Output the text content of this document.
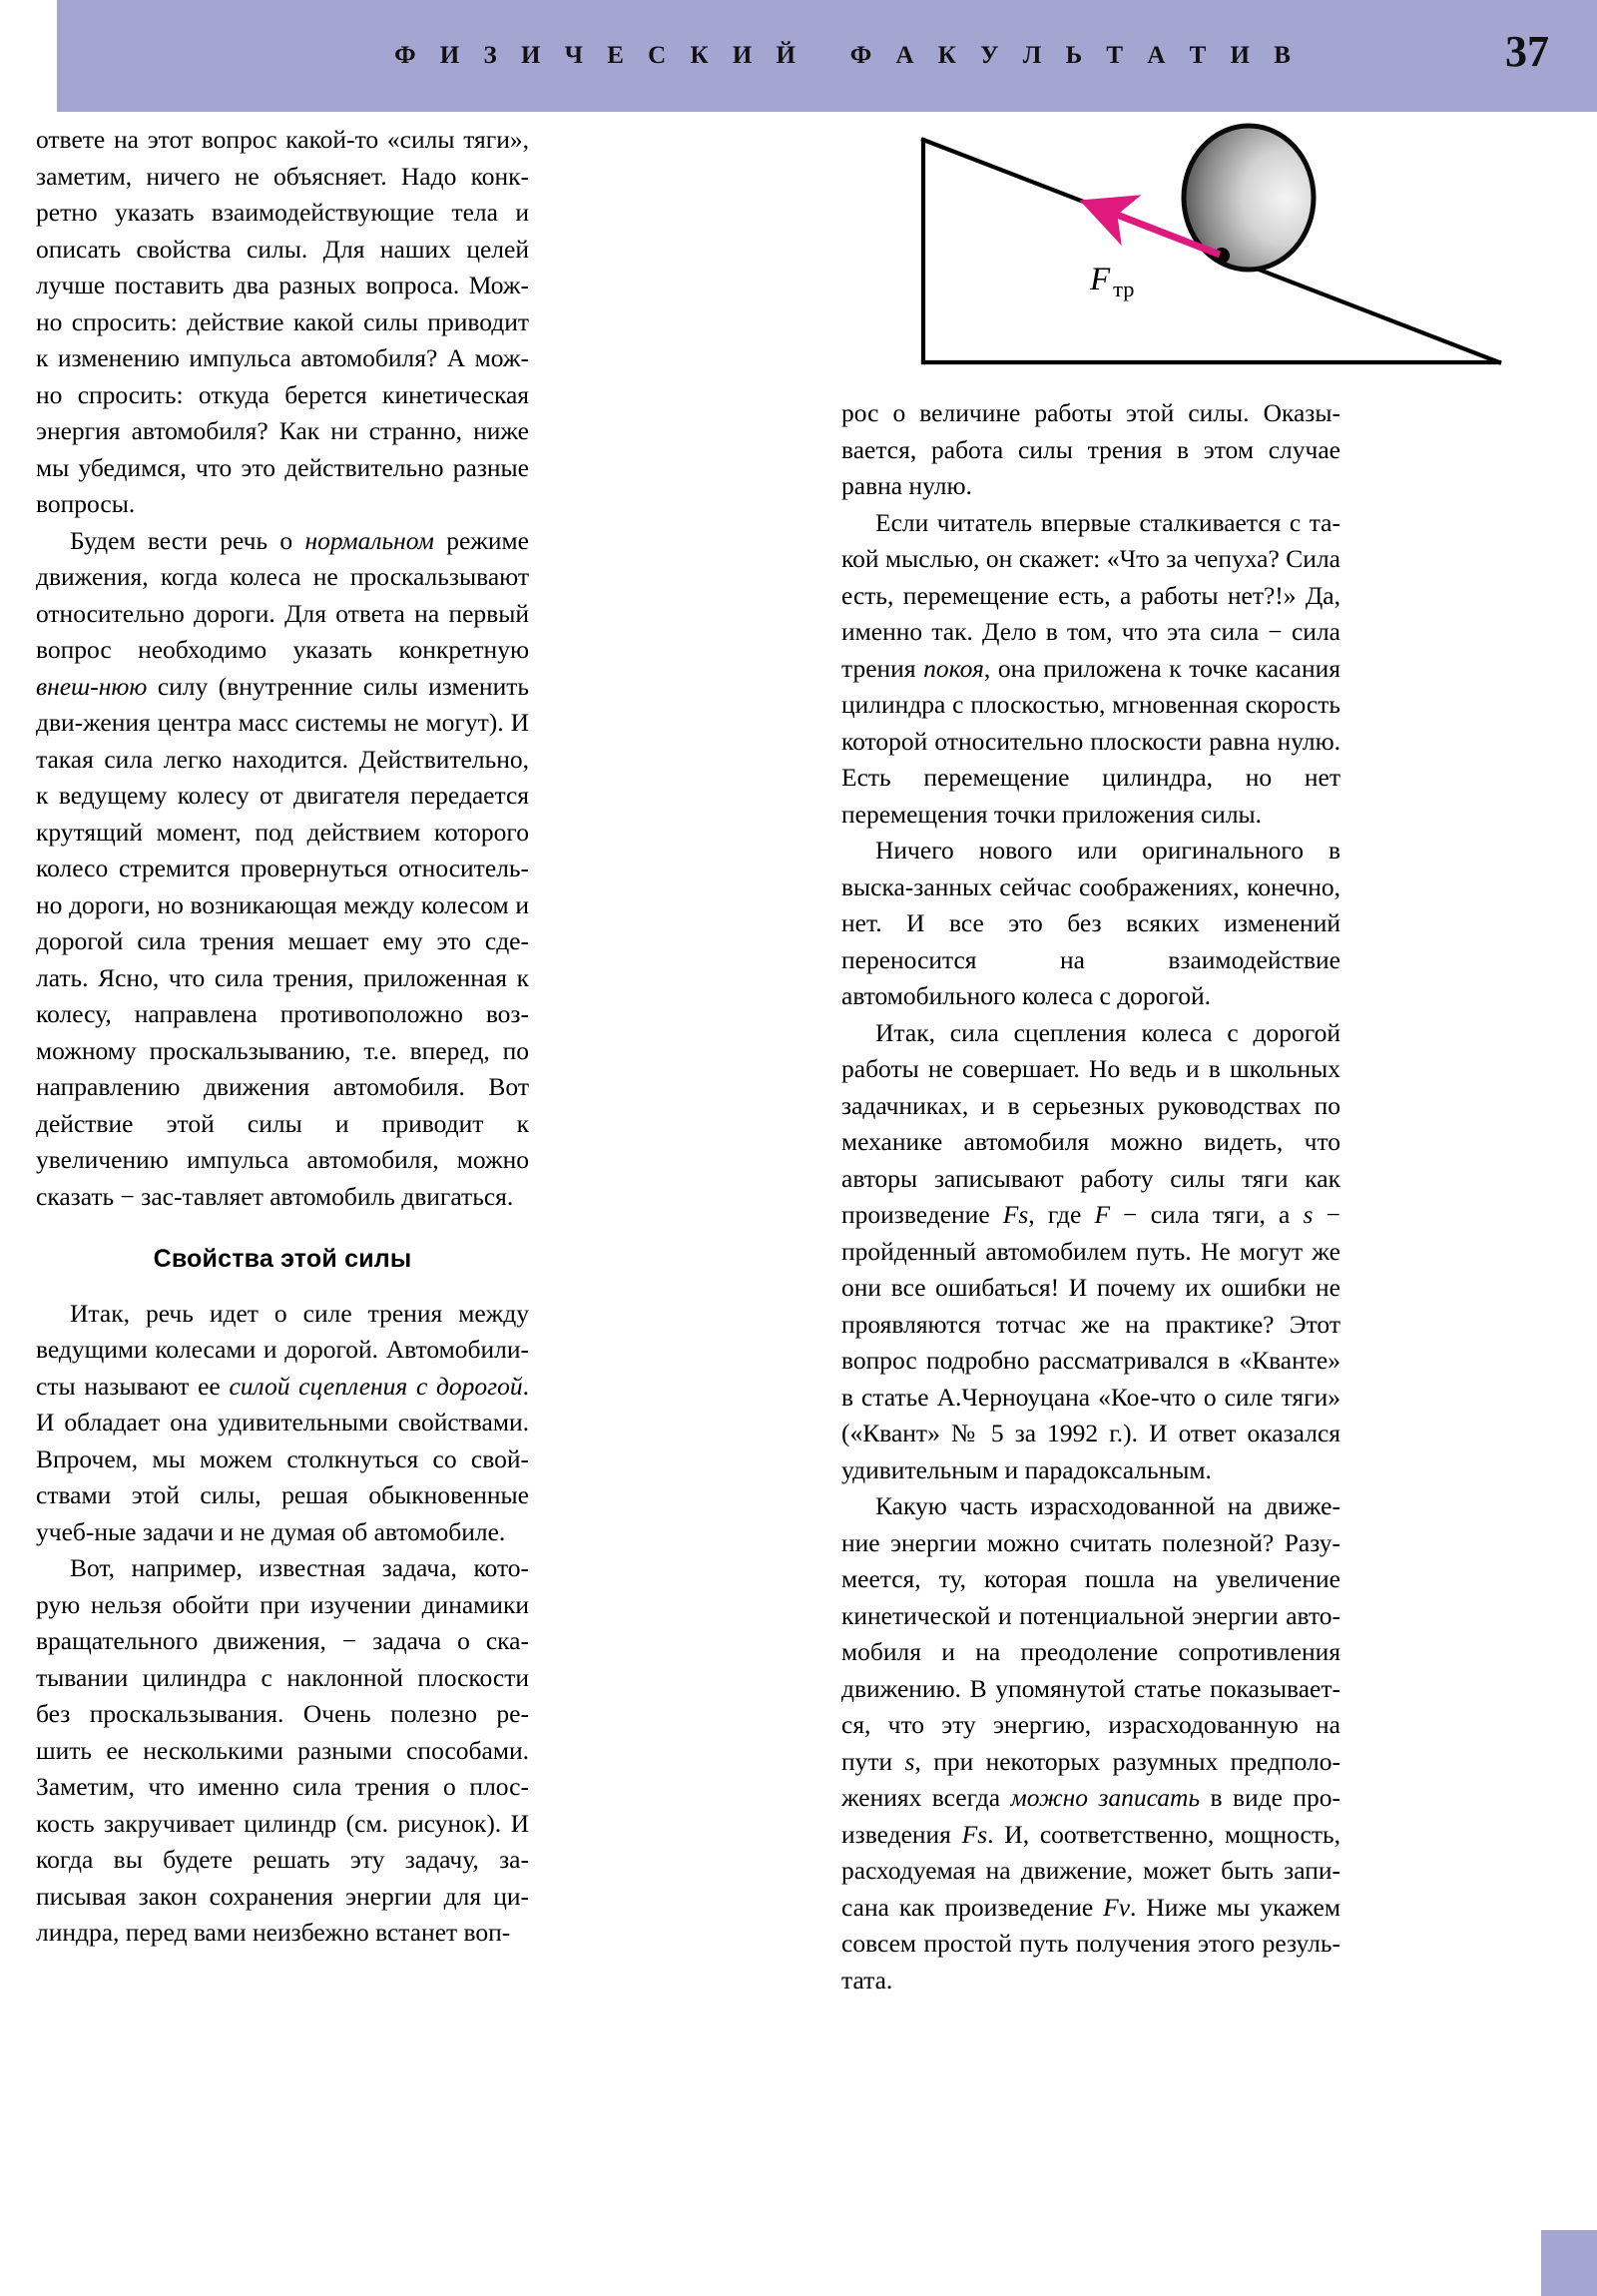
Ф И З И Ч Е С К И Й   Ф А К У Л Ь Т А Т И В	37
F тр

ответе на этот вопрос какой-то «силы тяги», заметим, ничего не объясняет. Надо конк-ретно указать взаимодействующие тела и описать свойства силы. Для наших целей лучше поставить два разных вопроса. Мож-но спросить: действие какой силы приводит к изменению импульса автомобиля? А мож-но спросить: откуда берется кинетическая энергия автомобиля? Как ни странно, ниже мы убедимся, что это действительно разные вопросы.

Будем вести речь о нормальном режиме движения, когда колеса не проскальзывают относительно дороги. Для ответа на первый вопрос необходимо указать конкретную внеш-нюю силу (внутренние силы изменить дви-жения центра масс системы не могут). И такая сила легко находится. Действительно, к ведущему колесу от двигателя передается крутящий момент, под действием которого колесо стремится провернуться относитель-но дороги, но возникающая между колесом и дорогой сила трения мешает ему это сде-лать. Ясно, что сила трения, приложенная к колесу, направлена противоположно воз-можному проскальзыванию, т.е. вперед, по направлению движения автомобиля. Вот действие этой силы и приводит к увеличению импульса автомобиля, можно сказать − зас-тавляет автомобиль двигаться.

Свойства этой силы

Итак, речь идет о силе трения между ведущими колесами и дорогой. Автомобили-сты называют ее силой сцепления с дорогой. И обладает она удивительными свойствами. Впрочем, мы можем столкнуться со свой-ствами этой силы, решая обыкновенные учеб-ные задачи и не думая об автомобиле.

Вот, например, известная задача, кото-рую нельзя обойти при изучении динамики вращательного движения, − задача о ска-тывании цилиндра с наклонной плоскости без проскальзывания. Очень полезно ре-шить ее несколькими разными способами. Заметим, что именно сила трения о плос-кость закручивает цилиндр (см. рисунок). И когда вы будете решать эту задачу, за-писывая закон сохранения энергии для ци-линдра, перед вами неизбежно встанет воп-

рос о величине работы этой силы. Оказы-вается, работа силы трения в этом случае равна нулю.

Если читатель впервые сталкивается с та-кой мыслью, он скажет: «Что за чепуха? Сила есть, перемещение есть, а работы нет?!» Да, именно так. Дело в том, что эта сила − сила трения покоя, она приложена к точке касания цилиндра с плоскостью, мгновенная скорость которой относительно плоскости равна нулю. Есть перемещение цилиндра, но нет перемещения точки приложения силы.

Ничего нового или оригинального в выска-занных сейчас соображениях, конечно, нет. И все это без всяких изменений переносится на взаимодействие автомобильного колеса с дорогой.

Итак, сила сцепления колеса с дорогой работы не совершает. Но ведь и в школьных задачниках, и в серьезных руководствах по механике автомобиля можно видеть, что авторы записывают работу силы тяги как произведение Fs, где F − сила тяги, а s − пройденный автомобилем путь. Не могут же они все ошибаться! И почему их ошибки не проявляются тотчас же на практике? Этот вопрос подробно рассматривался в «Кванте» в статье А.Черноуцана «Кое-что о силе тяги» («Квант» № 5 за 1992 г.). И ответ оказался удивительным и парадоксальным.

Какую часть израсходованной на движе-ние энергии можно считать полезной? Разу-меется, ту, которая пошла на увеличение кинетической и потенциальной энергии авто-мобиля и на преодоление сопротивления движению. В упомянутой статье показывает-ся, что эту энергию, израсходованную на пути s, при некоторых разумных предполо-жениях всегда можно записать в виде про-изведения Fs. И, соответственно, мощность, расходуемая на движение, может быть запи-сана как произведение Fv. Ниже мы укажем совсем простой путь получения этого резуль-тата.
